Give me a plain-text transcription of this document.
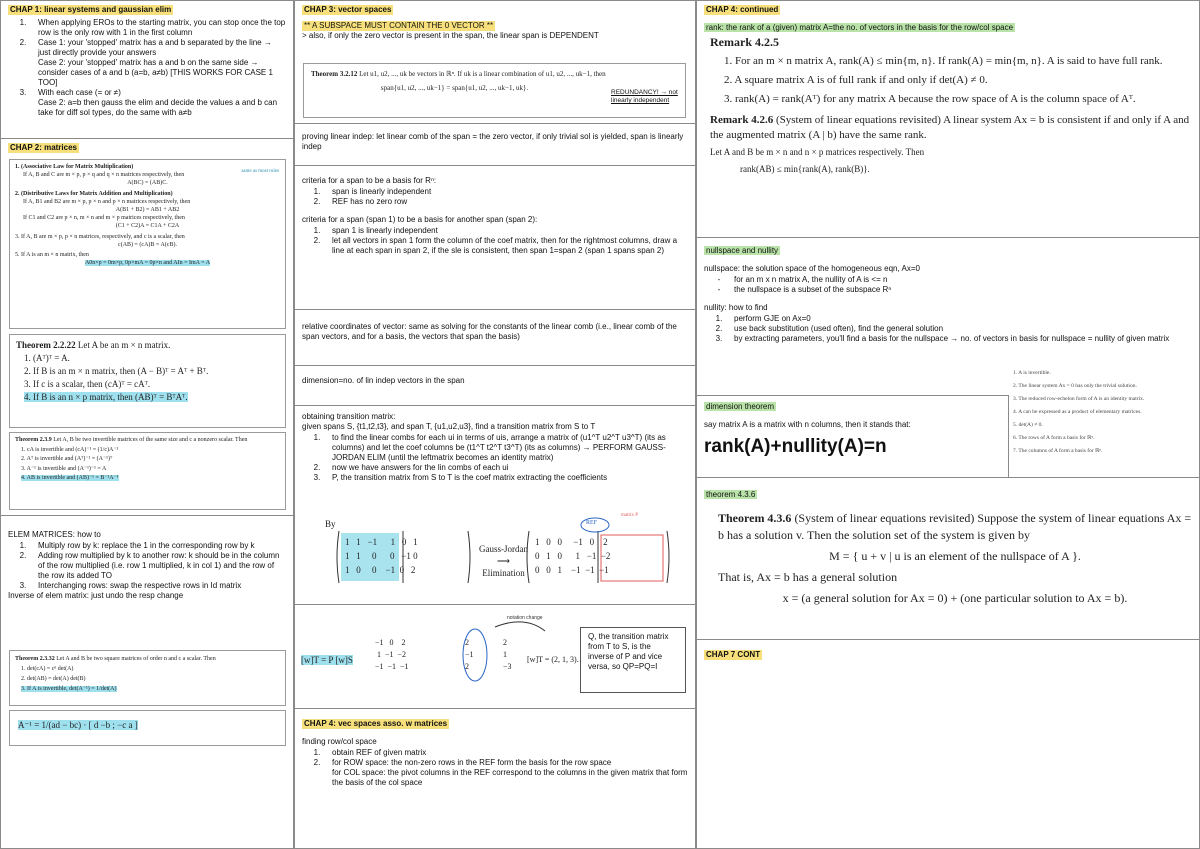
CHAP 1: linear systems and gaussian elim
1.	When applying EROs to the starting matrix, you can stop once the top row is the only row with 1 in the first column
2.	Case 1: your 'stopped' matrix has a and b separated by the line → just directly provide your answers
Case 2: your 'stopped' matrix has a and b on the same side → consider cases of a and b (a=b, a≠b) [THIS WORKS FOR CASE 1 TOO]
3.	With each case (= or ≠)
Case 2: a=b then gauss the elim and decide the values a and b can take for diff sol types, do the same with a≠b
CHAP 2: matrices
1. (Associative Law for Matrix Multiplication)
If A, B and C are m × p, p × q and q × n matrices respectively, then
A(BC) = (AB)C.
same as most rules
2. (Distributive Laws for Matrix Addition and Multiplication)
If A, B1 and B2 are m × p, p × n and p × n matrices respectively, then
A(B1 + B2) = AB1 + AB2
If C1 and C2 are p × n, m × n and m × p matrices respectively, then
(C1 + C2)A = C1A + C2A
3. If A, B are m × p, p × n matrices, respectively, and c is a scalar, then
c(AB) = (cA)B = A(cB).
5. If A is an m × n matrix, then
A0n×p = 0m×p, 0p×mA = 0p×n and AIn = ImA = A
Theorem 2.2.22 Let A be an m × n matrix.
1. (Aᵀ)ᵀ = A.
2. If B is an m × n matrix, then (A − B)ᵀ = Aᵀ + Bᵀ.
3. If c is a scalar, then (cA)ᵀ = cAᵀ.
4. If B is an n × p matrix, then (AB)ᵀ = BᵀAᵀ.
Theorem 2.3.9 Let A, B be two invertible matrices of the same size and c a nonzero scalar. Then
1. cA is invertible and (cA)⁻¹ = (1/c)A⁻¹
2. Aᵀ is invertible and (Aᵀ)⁻¹ = (A⁻¹)ᵀ
3. A⁻¹ is invertible and (A⁻¹)⁻¹ = A
4. AB is invertible and (AB)⁻¹ = B⁻¹A⁻¹
ELEM MATRICES: how to
1.	Multiply row by k: replace the 1 in the corresponding row by k
2.	Adding row multiplied by k to another row: k should be in the column of the row multiplied (i.e. row 1 multiplied, k in col 1) and the row of the row its added TO
3.	Interchanging rows: swap the respective rows in Id matrix
Inverse of elem matrix: just undo the resp change
Theorem 2.3.32 Let A and B be two square matrices of order n and c a scalar. Then
1. det(cA) = cⁿ det(A)
2. det(AB) = det(A) det(B)
3. If A is invertible, det(A⁻¹) = 1/det(A)
A⁻¹ = 1/(ad − bc) · [ d −b ; −c a ]
CHAP 3: vector spaces
** A SUBSPACE MUST CONTAIN THE 0 VECTOR **
> also, if only the zero vector is present in the span, the linear span is DEPENDENT
Theorem 3.2.12 Let u1, u2, ..., uk be vectors in ℝⁿ. If uk is a linear combination of u1, u2, ..., uk−1, then
span{u1, u2, ..., uk−1} = span{u1, u2, ..., uk−1, uk}.
REDUNDANCY! → not linearly independent
proving linear indep: let linear comb of the span = the zero vector, if only trivial sol is yielded, span is linearly indep
criteria for a span to be a basis for Rⁿ:
1.	span is linearly independent
2.	REF has no zero row
criteria for a span (span 1) to be a basis for another span (span 2):
1.	span 1 is linearly independent
2.	let all vectors in span 1 form the column of the coef matrix, then for the rightmost columns, draw a line at each span in span 2, if the sle is consistent, then span 1=span 2 (span 1 spans span 2)
relative coordinates of vector: same as solving for the constants of the linear comb (i.e., linear comb of the span vectors, and for a basis, the vectors that span the basis)
dimension=no. of lin indep vectors in the span
obtaining transition matrix:
given spans S, {t1,t2,t3}, and span T, {u1,u2,u3}, find a transition matrix from S to T
1.	to find the linear combs for each ui in terms of uis, arrange a matrix of (u1^T u2^T u3^T) (its as columns) and let the coef columns be (t1^T t2^T t3^T) (its as columns) → PERFORM GAUSS-JORDAN ELIM (until the leftmatrix becomes an identity matrix)
2.	now we have answers for the lin combs of each ui
3.	P, the transition matrix from S to T is the coef matrix extracting the coefficients
By
1   1   −1      1   0   1
1   1     0      0   −1 0
1   0     0    −1  0   2
Gauss-Jordan
⟶
Elimination
1   0   0     −1   0    2
0   1   0      1   −1  −2
0   0   1    −1  −1  −1
REF
matrix P
[w]T = P [w]S
−1   0    2
1  −1  −2
−1  −1  −1
2
−1
2
2
1
−3
[w]T = (2, 1, 3).
notation change
Q, the transition matrix from T to S, is the inverse of P and vice versa, so QP=PQ=I
CHAP 4: vec spaces asso. w matrices
finding row/col space
1.	obtain REF of given matrix
2.	for ROW space: the non-zero rows in the REF form the basis for the row space
for COL space: the pivot columns in the REF correspond to the columns in the given matrix that form the basis of the col space
CHAP 4: continued
rank: the rank of a (given) matrix A=the no. of vectors in the basis for the row/col space
Remark 4.2.5
1. For an m × n matrix A, rank(A) ≤ min{m, n}. If rank(A) = min{m, n}. A is said to have full rank.
2. A square matrix A is of full rank if and only if det(A) ≠ 0.
3. rank(A) = rank(Aᵀ) for any matrix A because the row space of A is the column space of Aᵀ.
Remark 4.2.6 (System of linear equations revisited) A linear system Ax = b is consistent if and only if A and the augmented matrix (A | b) have the same rank.
Let A and B be m × n and n × p matrices respectively. Then
rank(AB) ≤ min{rank(A), rank(B)}.
nullspace and nullity
nullspace: the solution space of the homogeneous eqn, Ax=0
-	for an m x n matrix A, the nullity of A is <= n
-	the nullspace is a subset of the subspace Rⁿ
nullity: how to find
1.	perform GJE on Ax=0
2.	use back substitution (used often), find the general solution
3.	by extracting parameters, you'll find a basis for the nullspace → no. of vectors in basis for nullspace = nullity of given matrix
1. A is invertible.
2. The linear system Ax = 0 has only the trivial solution.
3. The reduced row-echelon form of A is an identity matrix.
4. A can be expressed as a product of elementary matrices.
5. det(A) ≠ 0.
6. The rows of A form a basis for ℝⁿ.
7. The columns of A form a basis for ℝⁿ.
dimension theorem
say matrix A is a matrix with n columns, then it stands that:
rank(A)+nullity(A)=n
theorem 4.3.6
Theorem 4.3.6 (System of linear equations revisited) Suppose the system of linear equations Ax = b has a solution v. Then the solution set of the system is given by
M = { u + v | u is an element of the nullspace of A }.
That is, Ax = b has a general solution
x = (a general solution for Ax = 0) + (one particular solution to Ax = b).
CHAP 7 CONT
